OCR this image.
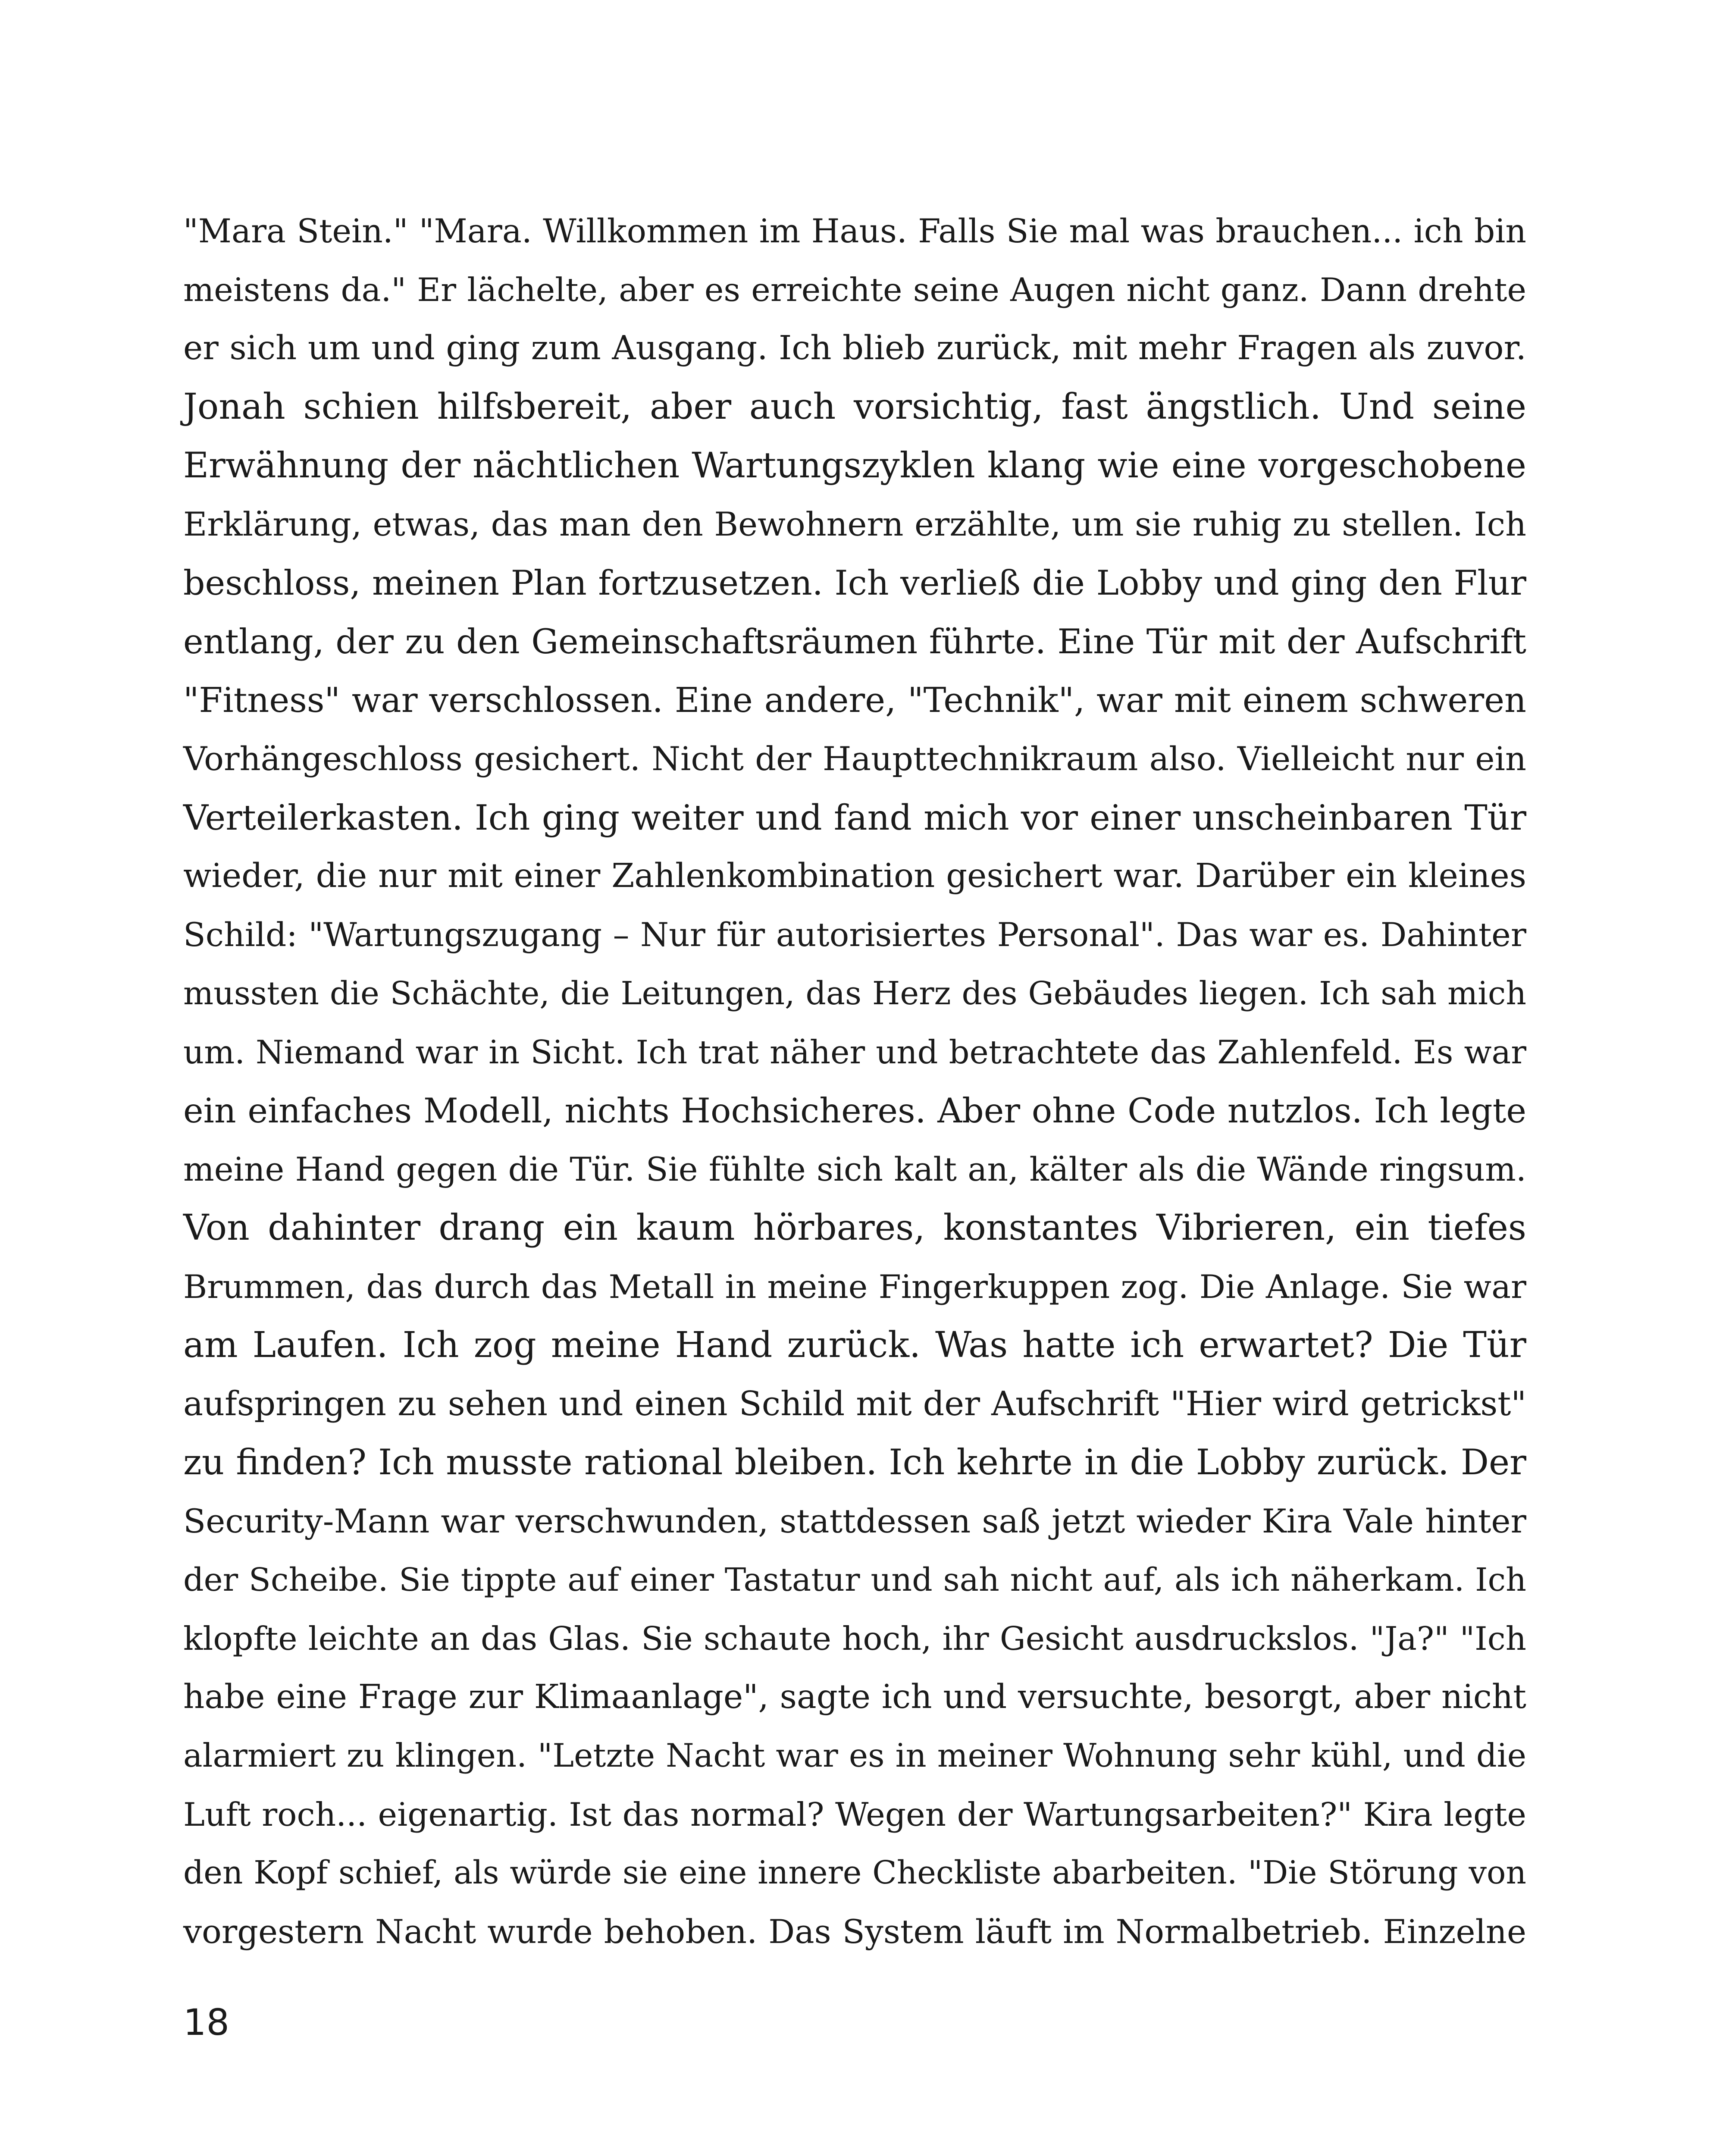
"Mara Stein." "Mara. Willkommen im Haus. Falls Sie mal was brauchen... ich bin
meistens da." Er lächelte, aber es erreichte seine Augen nicht ganz. Dann drehte
er sich um und ging zum Ausgang. Ich blieb zurück, mit mehr Fragen als zuvor.
Jonah schien hilfsbereit, aber auch vorsichtig, fast ängstlich. Und seine
Erwähnung der nächtlichen Wartungszyklen klang wie eine vorgeschobene
Erklärung, etwas, das man den Bewohnern erzählte, um sie ruhig zu stellen. Ich
beschloss, meinen Plan fortzusetzen. Ich verließ die Lobby und ging den Flur
entlang, der zu den Gemeinschaftsräumen führte. Eine Tür mit der Aufschrift
"Fitness" war verschlossen. Eine andere, "Technik", war mit einem schweren
Vorhängeschloss gesichert. Nicht der Haupttechnikraum also. Vielleicht nur ein
Verteilerkasten. Ich ging weiter und fand mich vor einer unscheinbaren Tür
wieder, die nur mit einer Zahlenkombination gesichert war. Darüber ein kleines
Schild: "Wartungszugang – Nur für autorisiertes Personal". Das war es. Dahinter
mussten die Schächte, die Leitungen, das Herz des Gebäudes liegen. Ich sah mich
um. Niemand war in Sicht. Ich trat näher und betrachtete das Zahlenfeld. Es war
ein einfaches Modell, nichts Hochsicheres. Aber ohne Code nutzlos. Ich legte
meine Hand gegen die Tür. Sie fühlte sich kalt an, kälter als die Wände ringsum.
Von dahinter drang ein kaum hörbares, konstantes Vibrieren, ein tiefes
Brummen, das durch das Metall in meine Fingerkuppen zog. Die Anlage. Sie war
am Laufen. Ich zog meine Hand zurück. Was hatte ich erwartet? Die Tür
aufspringen zu sehen und einen Schild mit der Aufschrift "Hier wird getrickst"
zu finden? Ich musste rational bleiben. Ich kehrte in die Lobby zurück. Der
Security-Mann war verschwunden, stattdessen saß jetzt wieder Kira Vale hinter
der Scheibe. Sie tippte auf einer Tastatur und sah nicht auf, als ich näherkam. Ich
klopfte leichte an das Glas. Sie schaute hoch, ihr Gesicht ausdruckslos. "Ja?" "Ich
habe eine Frage zur Klimaanlage", sagte ich und versuchte, besorgt, aber nicht
alarmiert zu klingen. "Letzte Nacht war es in meiner Wohnung sehr kühl, und die
Luft roch... eigenartig. Ist das normal? Wegen der Wartungsarbeiten?" Kira legte
den Kopf schief, als würde sie eine innere Checkliste abarbeiten. "Die Störung von
vorgestern Nacht wurde behoben. Das System läuft im Normalbetrieb. Einzelne
18
